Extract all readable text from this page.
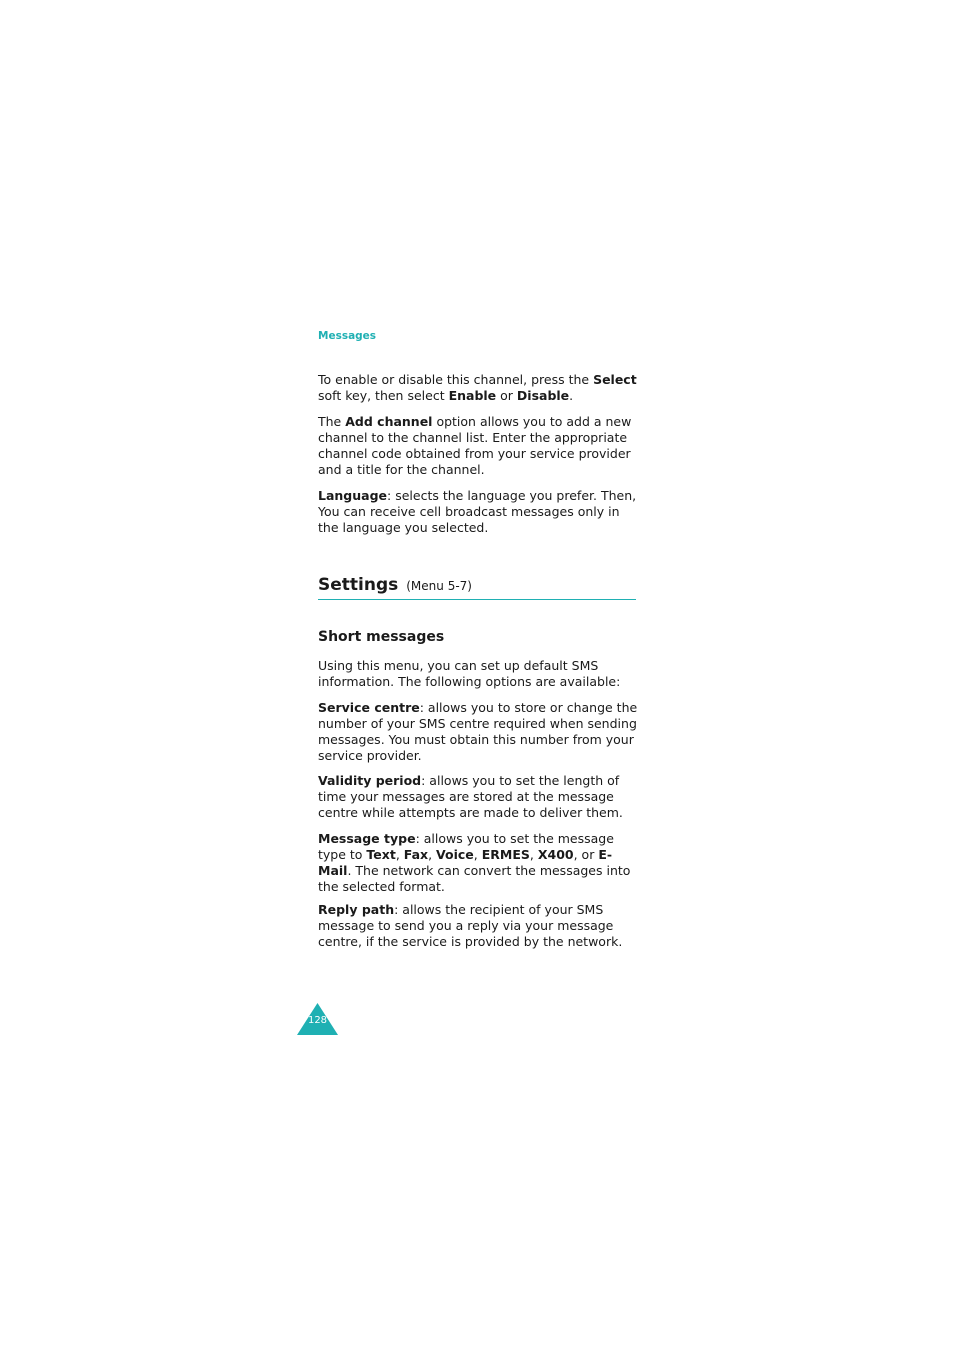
Messages

To enable or disable this channel, press the Select soft key, then select Enable or Disable.

The Add channel option allows you to add a new channel to the channel list. Enter the appropriate channel code obtained from your service provider and a title for the channel.

Language: selects the language you prefer. Then, You can receive cell broadcast messages only in the language you selected.

Settings (Menu 5-7)
Short messages

Using this menu, you can set up default SMS information. The following options are available:

Service centre: allows you to store or change the number of your SMS centre required when sending messages. You must obtain this number from your service provider.

Validity period: allows you to set the length of time your messages are stored at the message centre while attempts are made to deliver them.

Message type: allows you to set the message type to Text, Fax, Voice, ERMES, X400, or E-Mail. The network can convert the messages into the selected format.

Reply path: allows the recipient of your SMS message to send you a reply via your message centre, if the service is provided by the network.

128
